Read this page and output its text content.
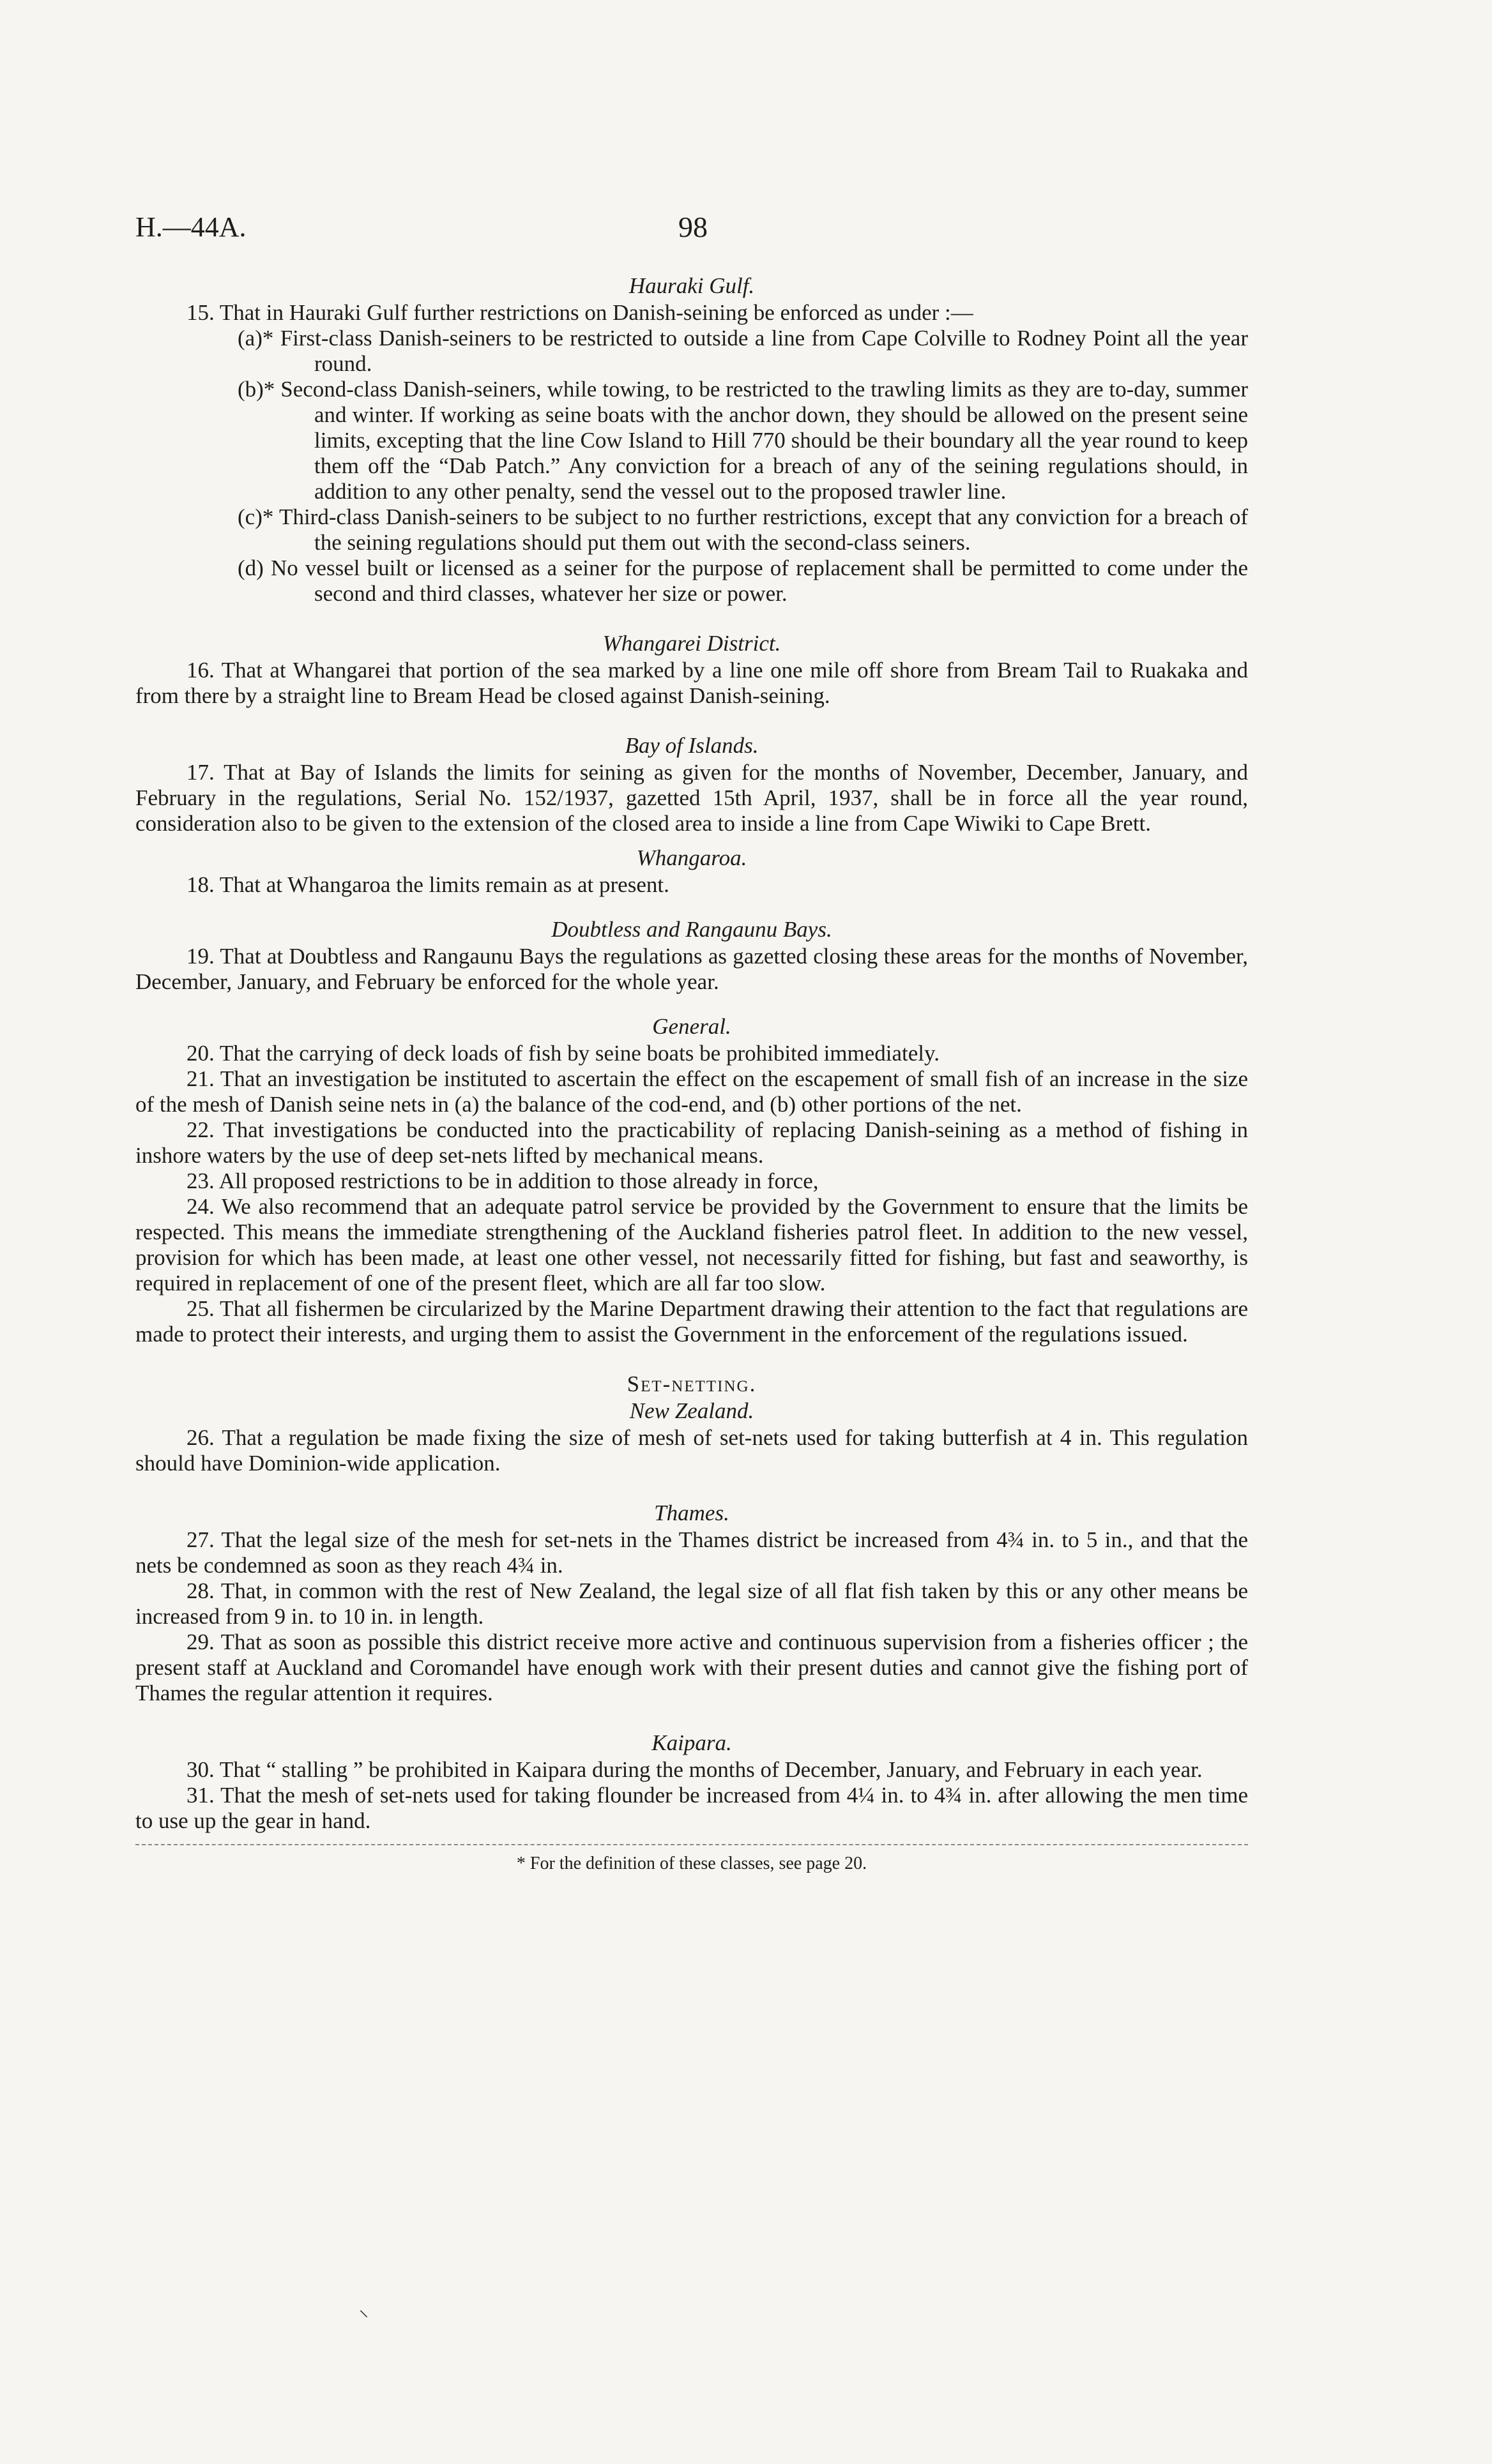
H.—44A.	98
Hauraki Gulf.

15. That in Hauraki Gulf further restrictions on Danish-seining be enforced as under :—

(a)* First-class Danish-seiners to be restricted to outside a line from Cape Colville to Rodney Point all the year round.

(b)* Second-class Danish-seiners, while towing, to be restricted to the trawling limits as they are to-day, summer and winter. If working as seine boats with the anchor down, they should be allowed on the present seine limits, excepting that the line Cow Island to Hill 770 should be their boundary all the year round to keep them off the “Dab Patch.” Any conviction for a breach of any of the seining regulations should, in addition to any other penalty, send the vessel out to the proposed trawler line.

(c)* Third-class Danish-seiners to be subject to no further restrictions, except that any conviction for a breach of the seining regulations should put them out with the second-class seiners.

(d) No vessel built or licensed as a seiner for the purpose of replacement shall be permitted to come under the second and third classes, whatever her size or power.

Whangarei District.

16. That at Whangarei that portion of the sea marked by a line one mile off shore from Bream Tail to Ruakaka and from there by a straight line to Bream Head be closed against Danish-seining.

Bay of Islands.

17. That at Bay of Islands the limits for seining as given for the months of November, December, January, and February in the regulations, Serial No. 152/1937, gazetted 15th April, 1937, shall be in force all the year round, consideration also to be given to the extension of the closed area to inside a line from Cape Wiwiki to Cape Brett.

Whangaroa.

18. That at Whangaroa the limits remain as at present.

Doubtless and Rangaunu Bays.

19. That at Doubtless and Rangaunu Bays the regulations as gazetted closing these areas for the months of November, December, January, and February be enforced for the whole year.

General.

20. That the carrying of deck loads of fish by seine boats be prohibited immediately.

21. That an investigation be instituted to ascertain the effect on the escapement of small fish of an increase in the size of the mesh of Danish seine nets in (a) the balance of the cod-end, and (b) other portions of the net.

22. That investigations be conducted into the practicability of replacing Danish-seining as a method of fishing in inshore waters by the use of deep set-nets lifted by mechanical means.

23. All proposed restrictions to be in addition to those already in force,

24. We also recommend that an adequate patrol service be provided by the Government to ensure that the limits be respected. This means the immediate strengthening of the Auckland fisheries patrol fleet. In addition to the new vessel, provision for which has been made, at least one other vessel, not necessarily fitted for fishing, but fast and seaworthy, is required in replacement of one of the present fleet, which are all far too slow.

25. That all fishermen be circularized by the Marine Department drawing their attention to the fact that regulations are made to protect their interests, and urging them to assist the Government in the enforcement of the regulations issued.

Set-netting.
New Zealand.

26. That a regulation be made fixing the size of mesh of set-nets used for taking butterfish at 4 in. This regulation should have Dominion-wide application.

Thames.

27. That the legal size of the mesh for set-nets in the Thames district be increased from 4¾ in. to 5 in., and that the nets be condemned as soon as they reach 4¾ in.

28. That, in common with the rest of New Zealand, the legal size of all flat fish taken by this or any other means be increased from 9 in. to 10 in. in length.

29. That as soon as possible this district receive more active and continuous supervision from a fisheries officer ; the present staff at Auckland and Coromandel have enough work with their present duties and cannot give the fishing port of Thames the regular attention it requires.

Kaipara.

30. That “ stalling ” be prohibited in Kaipara during the months of December, January, and February in each year.

31. That the mesh of set-nets used for taking flounder be increased from 4¼ in. to 4¾ in. after allowing the men time to use up the gear in hand.

* For the definition of these classes, see page 20.
⸜
